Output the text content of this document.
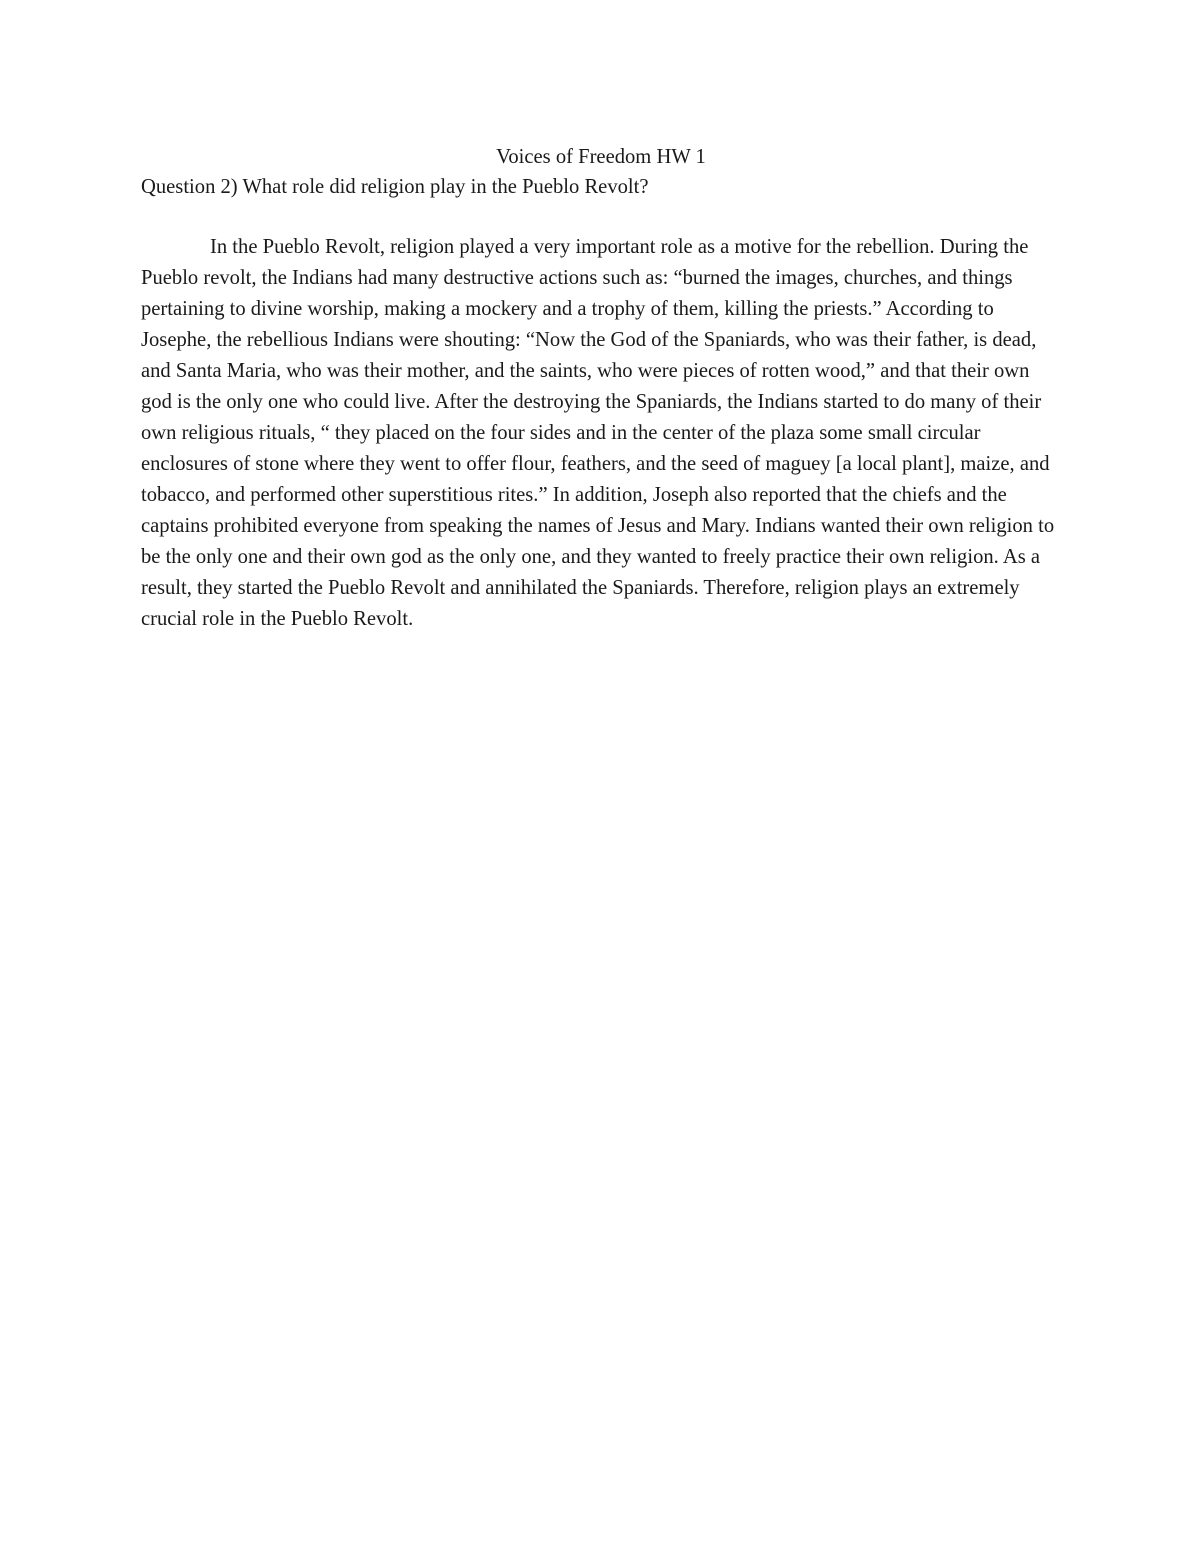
Voices of Freedom HW 1

Question 2) What role did religion play in the Pueblo Revolt?

In the Pueblo Revolt, religion played a very important role as a motive for the rebellion. During the Pueblo revolt, the Indians had many destructive actions such as: “burned the images, churches, and things pertaining to divine worship, making a mockery and a trophy of them, killing the priests.” According to Josephe, the rebellious Indians were shouting: “Now the God of the Spaniards, who was their father, is dead, and Santa Maria, who was their mother, and the saints, who were pieces of rotten wood,” and that their own god is the only one who could live. After the destroying the Spaniards, the Indians started to do many of their own religious rituals, “ they placed on the four sides and in the center of the plaza some small circular enclosures of stone where they went to offer flour, feathers, and the seed of maguey [a local plant], maize, and tobacco, and performed other superstitious rites.” In addition, Joseph also reported that the chiefs and the captains prohibited everyone from speaking the names of Jesus and Mary. Indians wanted their own religion to be the only one and their own god as the only one, and they wanted to freely practice their own religion. As a result, they started the Pueblo Revolt and annihilated the Spaniards. Therefore, religion plays an extremely crucial role in the Pueblo Revolt.
